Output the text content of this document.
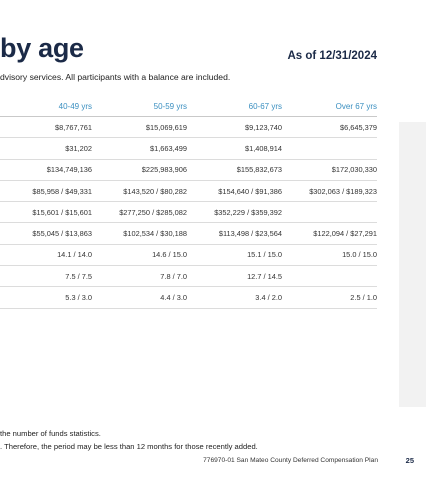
by age	As of 12/31/2024
dvisory services. All participants with a balance are included.
	40-49 yrs	50-59 yrs	60-67 yrs	Over 67 yrs
	$8,767,761	$15,069,619	$9,123,740	$6,645,379
	$31,202	$1,663,499	$1,408,914	
	$134,749,136	$225,983,906	$155,832,673	$172,030,330
	$85,958 / $49,331	$143,520 / $80,282	$154,640 / $91,386	$302,063 / $189,323
	$15,601 / $15,601	$277,250 / $285,082	$352,229 / $359,392	
	$55,045 / $13,863	$102,534 / $30,188	$113,498 / $23,564	$122,094 / $27,291
	14.1 / 14.0	14.6 / 15.0	15.1 / 15.0	15.0 / 15.0
	7.5 / 7.5	7.8 / 7.0	12.7 / 14.5	
	5.3 / 3.0	4.4 / 3.0	3.4 / 2.0	2.5 / 1.0
the number of funds statistics.
. Therefore, the period may be less than 12 months for those recently added.
776970-01 San Mateo County Deferred Compensation Plan	25
